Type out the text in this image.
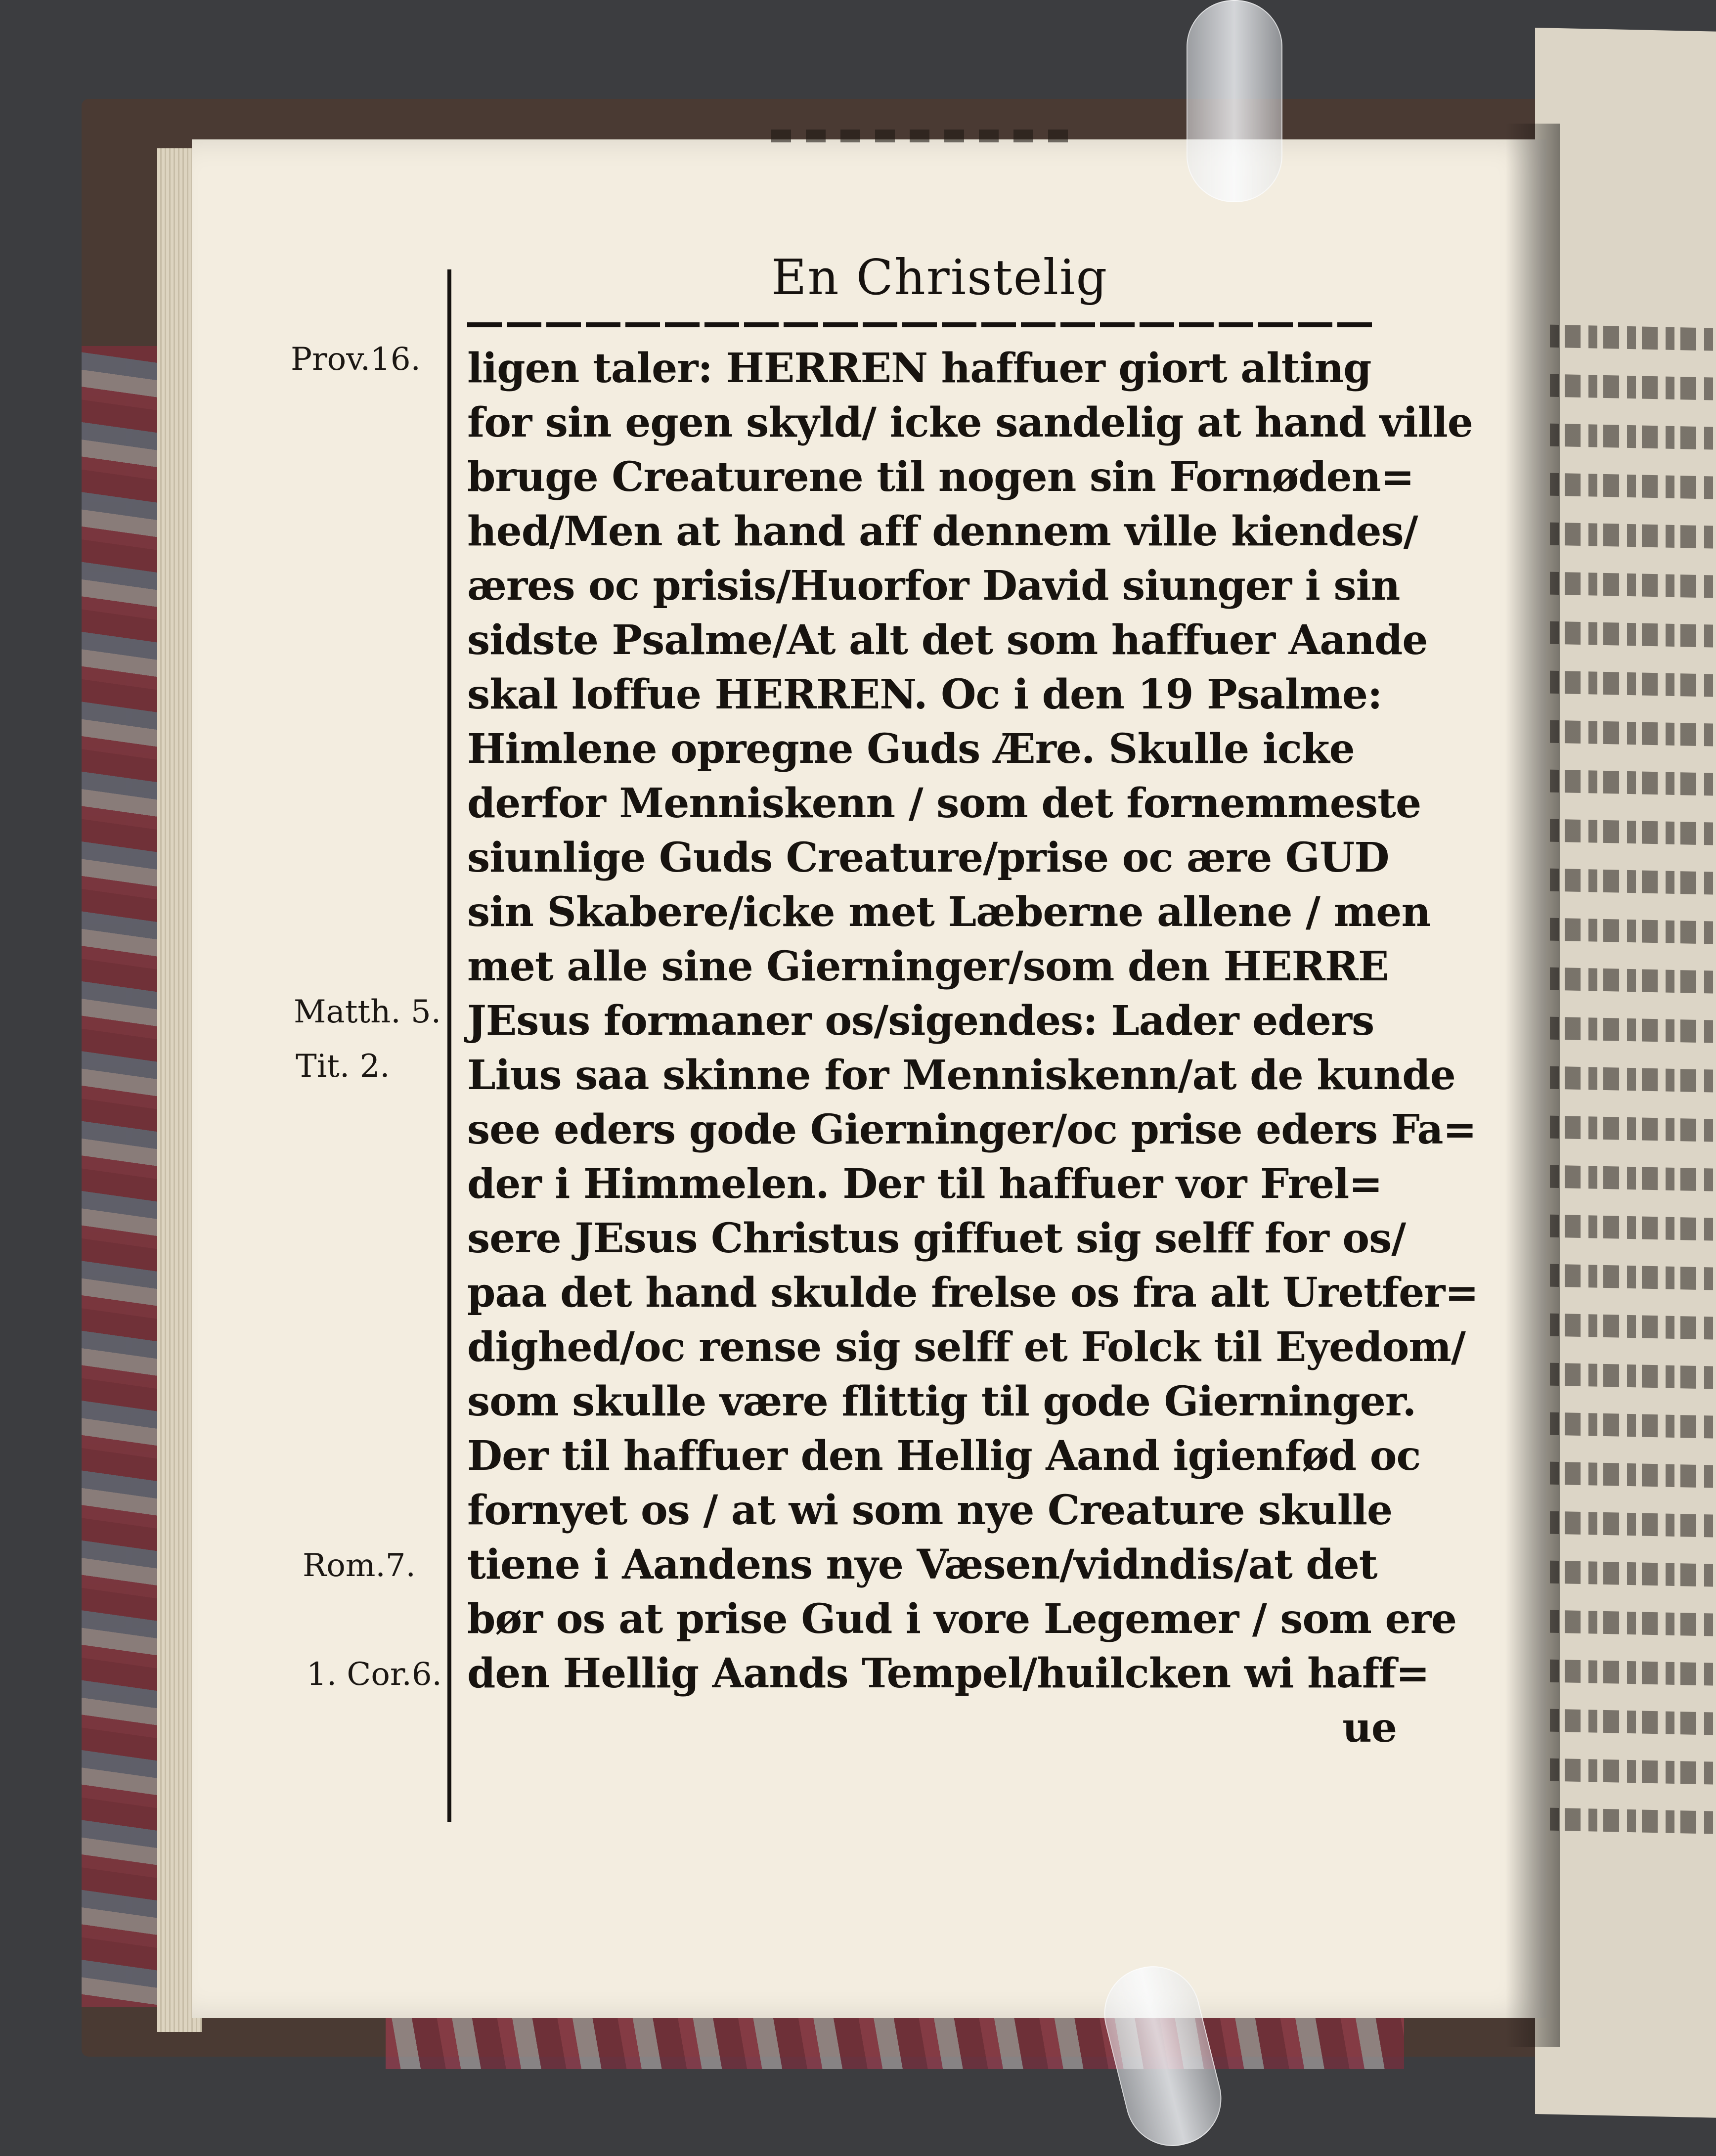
En Christelig
ligen taler: HERREN haffuer giort alting
for sin egen skyld/ icke sandelig at hand ville
bruge Creaturene til nogen sin Fornøden=
hed/Men at hand aff dennem ville kiendes/
æres oc prisis/Huorfor David siunger i sin
sidste Psalme/At alt det som haffuer Aande
skal loffue HERREN. Oc i den 19 Psalme:
Himlene opregne Guds Ære. Skulle icke
derfor Menniskenn / som det fornemmeste
siunlige Guds Creature/prise oc ære GUD
sin Skabere/icke met Læberne allene / men
met alle sine Gierninger/som den HERRE
JEsus formaner os/sigendes: Lader eders
Lius saa skinne for Menniskenn/at de kunde
see eders gode Gierninger/oc prise eders Fa=
der i Himmelen. Der til haffuer vor Frel=
sere JEsus Christus giffuet sig selff for os/
paa det hand skulde frelse os fra alt Uretfer=
dighed/oc rense sig selff et Folck til Eyedom/
som skulle være flittig til gode Gierninger.
Der til haffuer den Hellig Aand igienfød oc
fornyet os / at wi som nye Creature skulle
tiene i Aandens nye Væsen/vidndis/at det
bør os at prise Gud i vore Legemer / som ere
den Hellig Aands Tempel/huilcken wi haff=
ue
Prov.16.
Matth. 5.
Tit. 2.
Rom.7.
1. Cor.6.
